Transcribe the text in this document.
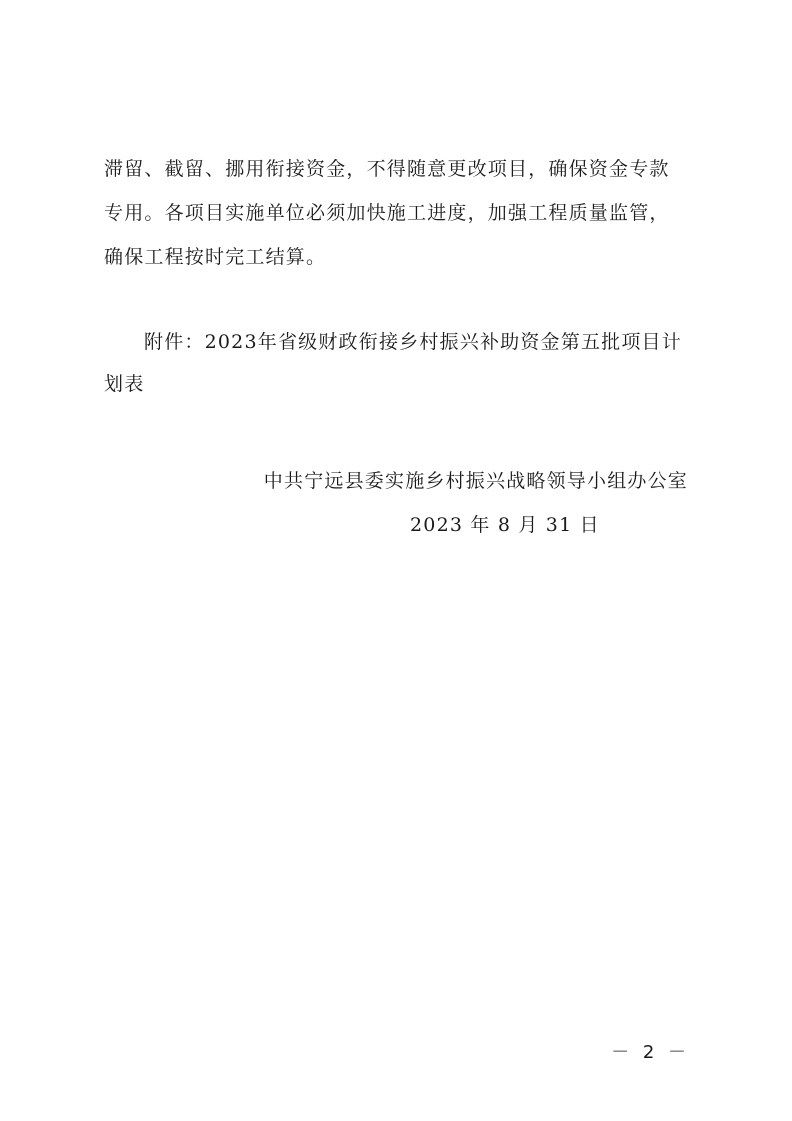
滞留、截留、挪用衔接资金，不得随意更改项目，确保资金专款
专用。各项目实施单位必须加快施工进度，加强工程质量监管，
确保工程按时完工结算。
附件：2023年省级财政衔接乡村振兴补助资金第五批项目计
划表
中共宁远县委实施乡村振兴战略领导小组办公室
2023 年 8 月 31 日
－ 2 －
